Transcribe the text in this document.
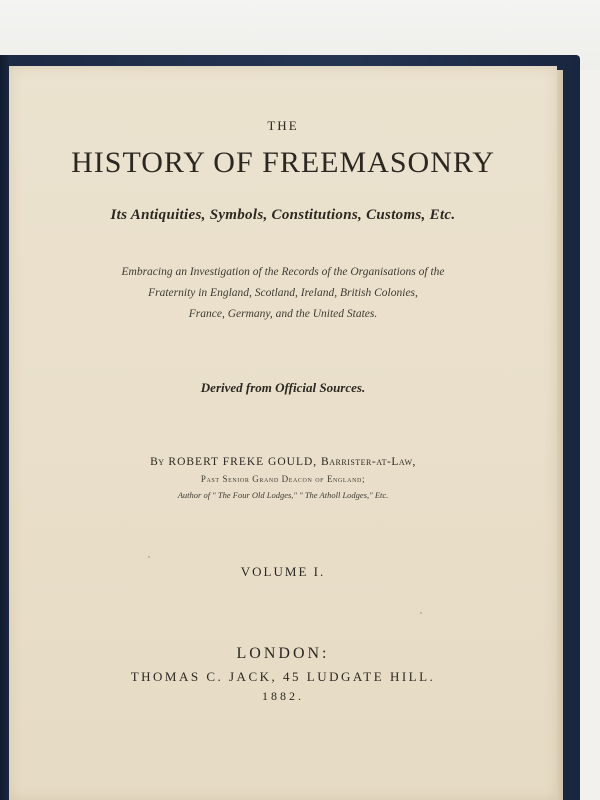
THE
HISTORY OF FREEMASONRY
Its Antiquities, Symbols, Constitutions, Customs, Etc.
Embracing an Investigation of the Records of the Organisations of the
Fraternity in England, Scotland, Ireland, British Colonies,
France, Germany, and the United States.
Derived from Official Sources.
By ROBERT FREKE GOULD, Barrister-at-Law,
Past Senior Grand Deacon of England;
Author of " The Four Old Lodges," " The Atholl Lodges," Etc.
VOLUME I.
LONDON:
THOMAS C. JACK, 45 LUDGATE HILL.
1882.
